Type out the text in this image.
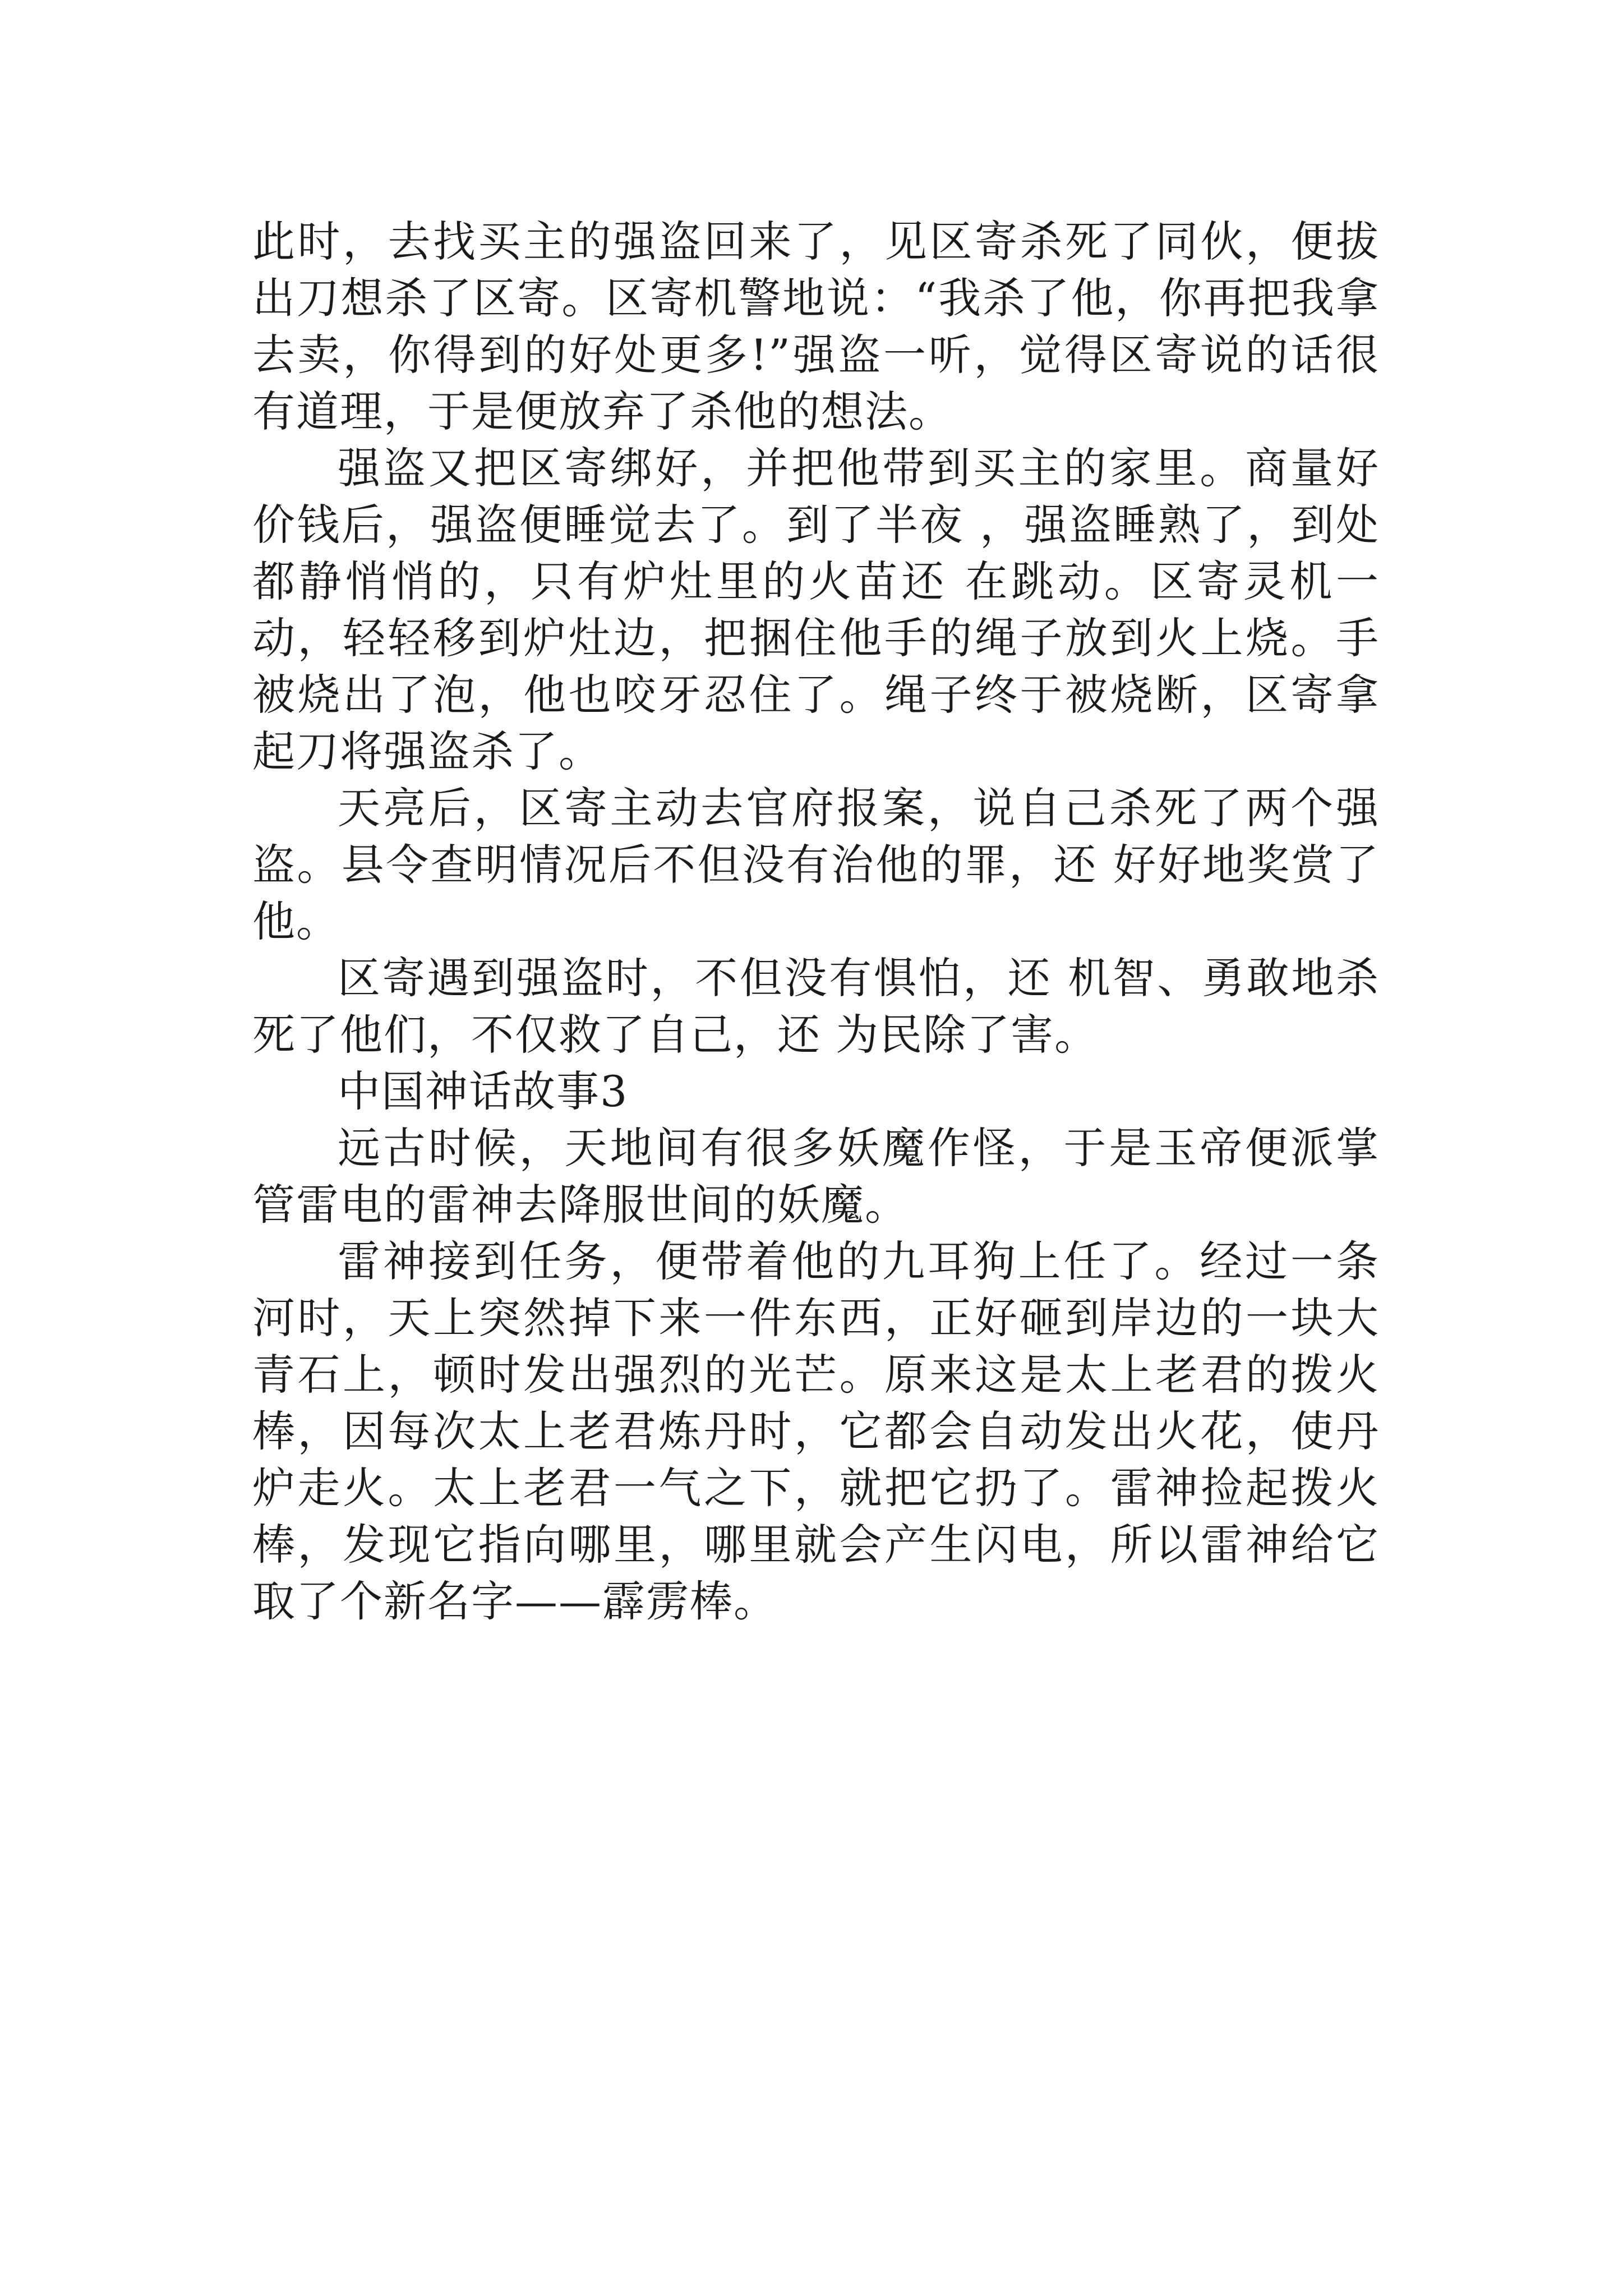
此时，去找买主的强盗回来了，见区寄杀死了同伙，便拔出刀想杀了区寄。区寄机警地说：“我杀了他，你再把我拿去卖，你得到的好处更多!”强盗一听，觉得区寄说的话很有道理，于是便放弃了杀他的想法。

强盗又把区寄绑好，并把他带到买主的家里。商量好价钱后，强盗便睡觉去了。到了半夜 ，强盗睡熟了，到处都静悄悄的，只有炉灶里的火苗还 在跳动。区寄灵机一动，轻轻移到炉灶边，把捆住他手的绳子放到火上烧。手被烧出了泡，他也咬牙忍住了。绳子终于被烧断，区寄拿起刀将强盗杀了。

天亮后，区寄主动去官府报案，说自己杀死了两个强盗。县令查明情况后不但没有治他的罪，还 好好地奖赏了他。

区寄遇到强盗时，不但没有惧怕，还 机智、勇敢地杀死了他们，不仅救了自己，还 为民除了害。

中国神话故事3

远古时候，天地间有很多妖魔作怪，于是玉帝便派掌管雷电的雷神去降服世间的妖魔。

雷神接到任务，便带着他的九耳狗上任了。经过一条河时，天上突然掉下来一件东西，正好砸到岸边的一块大青石上，顿时发出强烈的光芒。原来这是太上老君的拨火棒，因每次太上老君炼丹时，它都会自动发出火花，使丹炉走火。太上老君一气之下，就把它扔了。雷神捡起拨火棒，发现它指向哪里，哪里就会产生闪电，所以雷神给它取了个新名字——霹雳棒。
